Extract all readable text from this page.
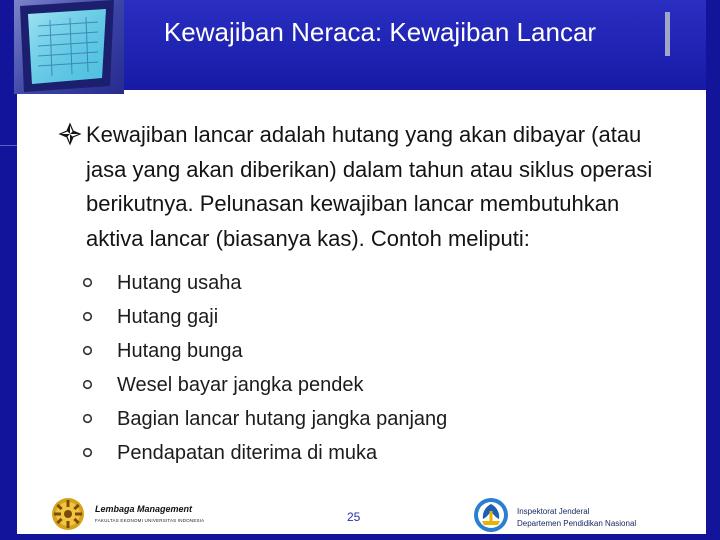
Kewajiban Neraca: Kewajiban Lancar

Kewajiban lancar adalah hutang yang akan dibayar (atau jasa yang akan diberikan) dalam tahun atau siklus operasi berikutnya. Pelunasan kewajiban lancar membutuhkan aktiva lancar (biasanya kas). Contoh meliputi:

Hutang usaha
Hutang gaji
Hutang bunga
Wesel bayar jangka pendek
Bagian lancar hutang jangka panjang
Pendapatan diterima di muka
Lembaga Management
FAKULTAS EKONOMI UNIVERSITAS INDONESIA	25	Inspektorat Jenderal
Departemen Pendidikan Nasional
